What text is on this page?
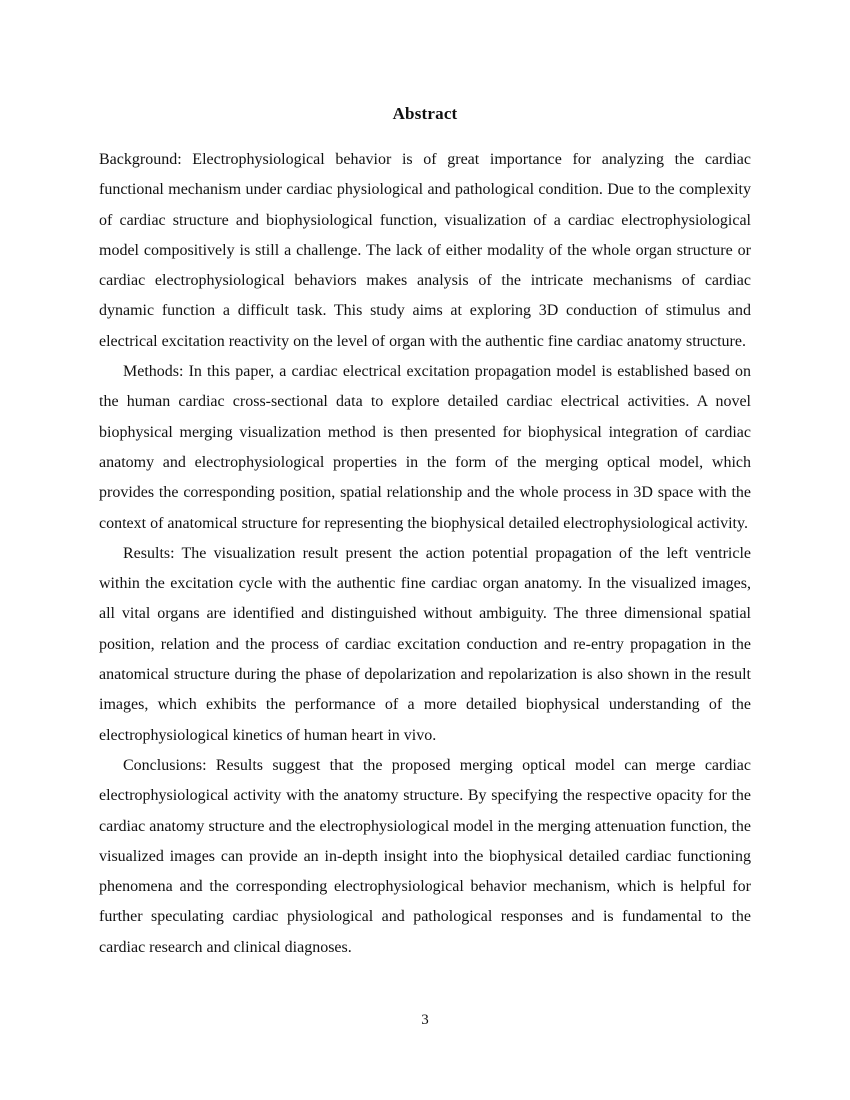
Abstract

Background: Electrophysiological behavior is of great importance for analyzing the cardiac functional mechanism under cardiac physiological and pathological condition. Due to the complexity of cardiac structure and biophysiological function, visualization of a cardiac electrophysiological model compositively is still a challenge. The lack of either modality of the whole organ structure or cardiac electrophysiological behaviors makes analysis of the intricate mechanisms of cardiac dynamic function a difficult task. This study aims at exploring 3D conduction of stimulus and electrical excitation reactivity on the level of organ with the authentic fine cardiac anatomy structure.

Methods: In this paper, a cardiac electrical excitation propagation model is established based on the human cardiac cross-sectional data to explore detailed cardiac electrical activities. A novel biophysical merging visualization method is then presented for biophysical integration of cardiac anatomy and electrophysiological properties in the form of the merging optical model, which provides the corresponding position, spatial relationship and the whole process in 3D space with the context of anatomical structure for representing the biophysical detailed electrophysiological activity.

Results: The visualization result present the action potential propagation of the left ventricle within the excitation cycle with the authentic fine cardiac organ anatomy. In the visualized images, all vital organs are identified and distinguished without ambiguity. The three dimensional spatial position, relation and the process of cardiac excitation conduction and re-entry propagation in the anatomical structure during the phase of depolarization and repolarization is also shown in the result images, which exhibits the performance of a more detailed biophysical understanding of the electrophysiological kinetics of human heart in vivo.

Conclusions: Results suggest that the proposed merging optical model can merge cardiac electrophysiological activity with the anatomy structure. By specifying the respective opacity for the cardiac anatomy structure and the electrophysiological model in the merging attenuation function, the visualized images can provide an in-depth insight into the biophysical detailed cardiac functioning phenomena and the corresponding electrophysiological behavior mechanism, which is helpful for further speculating cardiac physiological and pathological responses and is fundamental to the cardiac research and clinical diagnoses.

3
